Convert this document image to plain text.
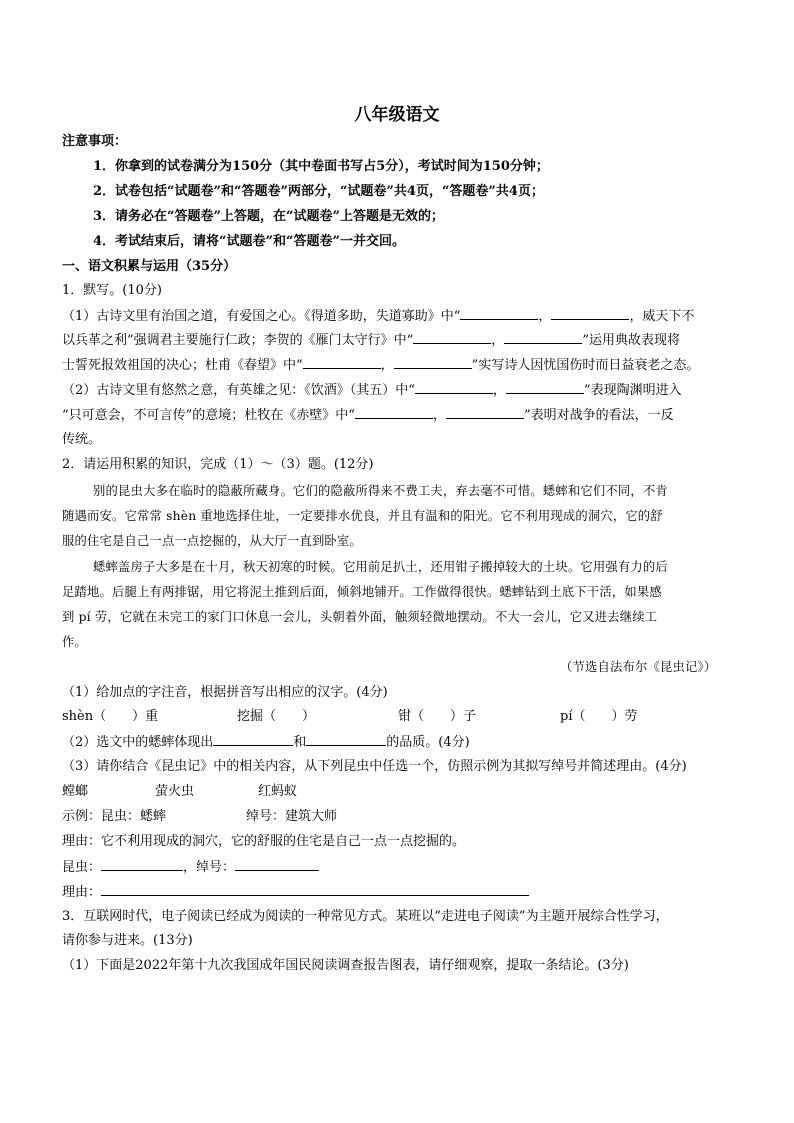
八年级语文
注意事项：
1．你拿到的试卷满分为150分（其中卷面书写占5分），考试时间为150分钟；
2．试卷包括“试题卷”和“答题卷”两部分，“试题卷”共4页，“答题卷”共4页；
3．请务必在“答题卷”上答题，在“试题卷”上答题是无效的；
4．考试结束后，请将“试题卷”和“答题卷”一并交回。
一、语文积累与运用（35分）
1．默写。(10分)
（1）古诗文里有治国之道，有爱国之心。《得道多助，失道寡助》中“	，	，威天下不
以兵革之利”强调君主要施行仁政；李贺的《雁门太守行》中“	，	”运用典故表现将
士誓死报效祖国的决心；杜甫《春望》中“	，	”实写诗人因忧国伤时而日益衰老之态。
（2）古诗文里有悠然之意，有英雄之见：《饮酒》（其五）中“	，	”表现陶渊明进入
“只可意会，不可言传”的意境；杜牧在《赤壁》中“	，	”表明对战争的看法，一反
传统。
2．请运用积累的知识，完成（1）～（3）题。(12分)
别的昆虫大多在临时的隐蔽所藏身。它们的隐蔽所得来不费工夫，弃去毫不可惜。蟋蟀和它们不同，不肯
随遇而安。它常常 shèn 重地选择住址，一定要排水优良，并且有温和的阳光。它不利用现成的洞穴，它的舒
服的住宅是自己一点一点挖掘的，从大厅一直到卧室。
蟋蟀盖房子大多是在十月，秋天初寒的时候。它用前足扒土，还用钳子搬掉较大的土块。它用强有力的后
足踏地。后腿上有两排锯，用它将泥土推到后面，倾斜地铺开。工作做得很快。蟋蟀钻到土底下干活，如果感
到 pí 劳，它就在未完工的家门口休息一会儿，头朝着外面，触须轻微地摆动。不大一会儿，它又进去继续工
作。
（节选自法布尔《昆虫记》）
（1）给加点的字注音，根据拼音写出相应的汉字。(4分)
shèn（ ）重	挖掘（ ）	钳（ ）子	pí（ ）劳
（2）选文中的蟋蟀体现出	和	的品质。(4分)
（3）请你结合《昆虫记》中的相关内容，从下列昆虫中任选一个，仿照示例为其拟写绰号并简述理由。(4分)
螳螂	萤火虫	红蚂蚁
示例：昆虫：蟋蟀	绰号：建筑大师
理由：它不利用现成的洞穴，它的舒服的住宅是自己一点一点挖掘的。
昆虫：	，绰号：
理由：
3．互联网时代，电子阅读已经成为阅读的一种常见方式。某班以“走进电子阅读”为主题开展综合性学习，
请你参与进来。(13分)
（1）下面是2022年第十九次我国成年国民阅读调查报告图表，请仔细观察，提取一条结论。(3分)
